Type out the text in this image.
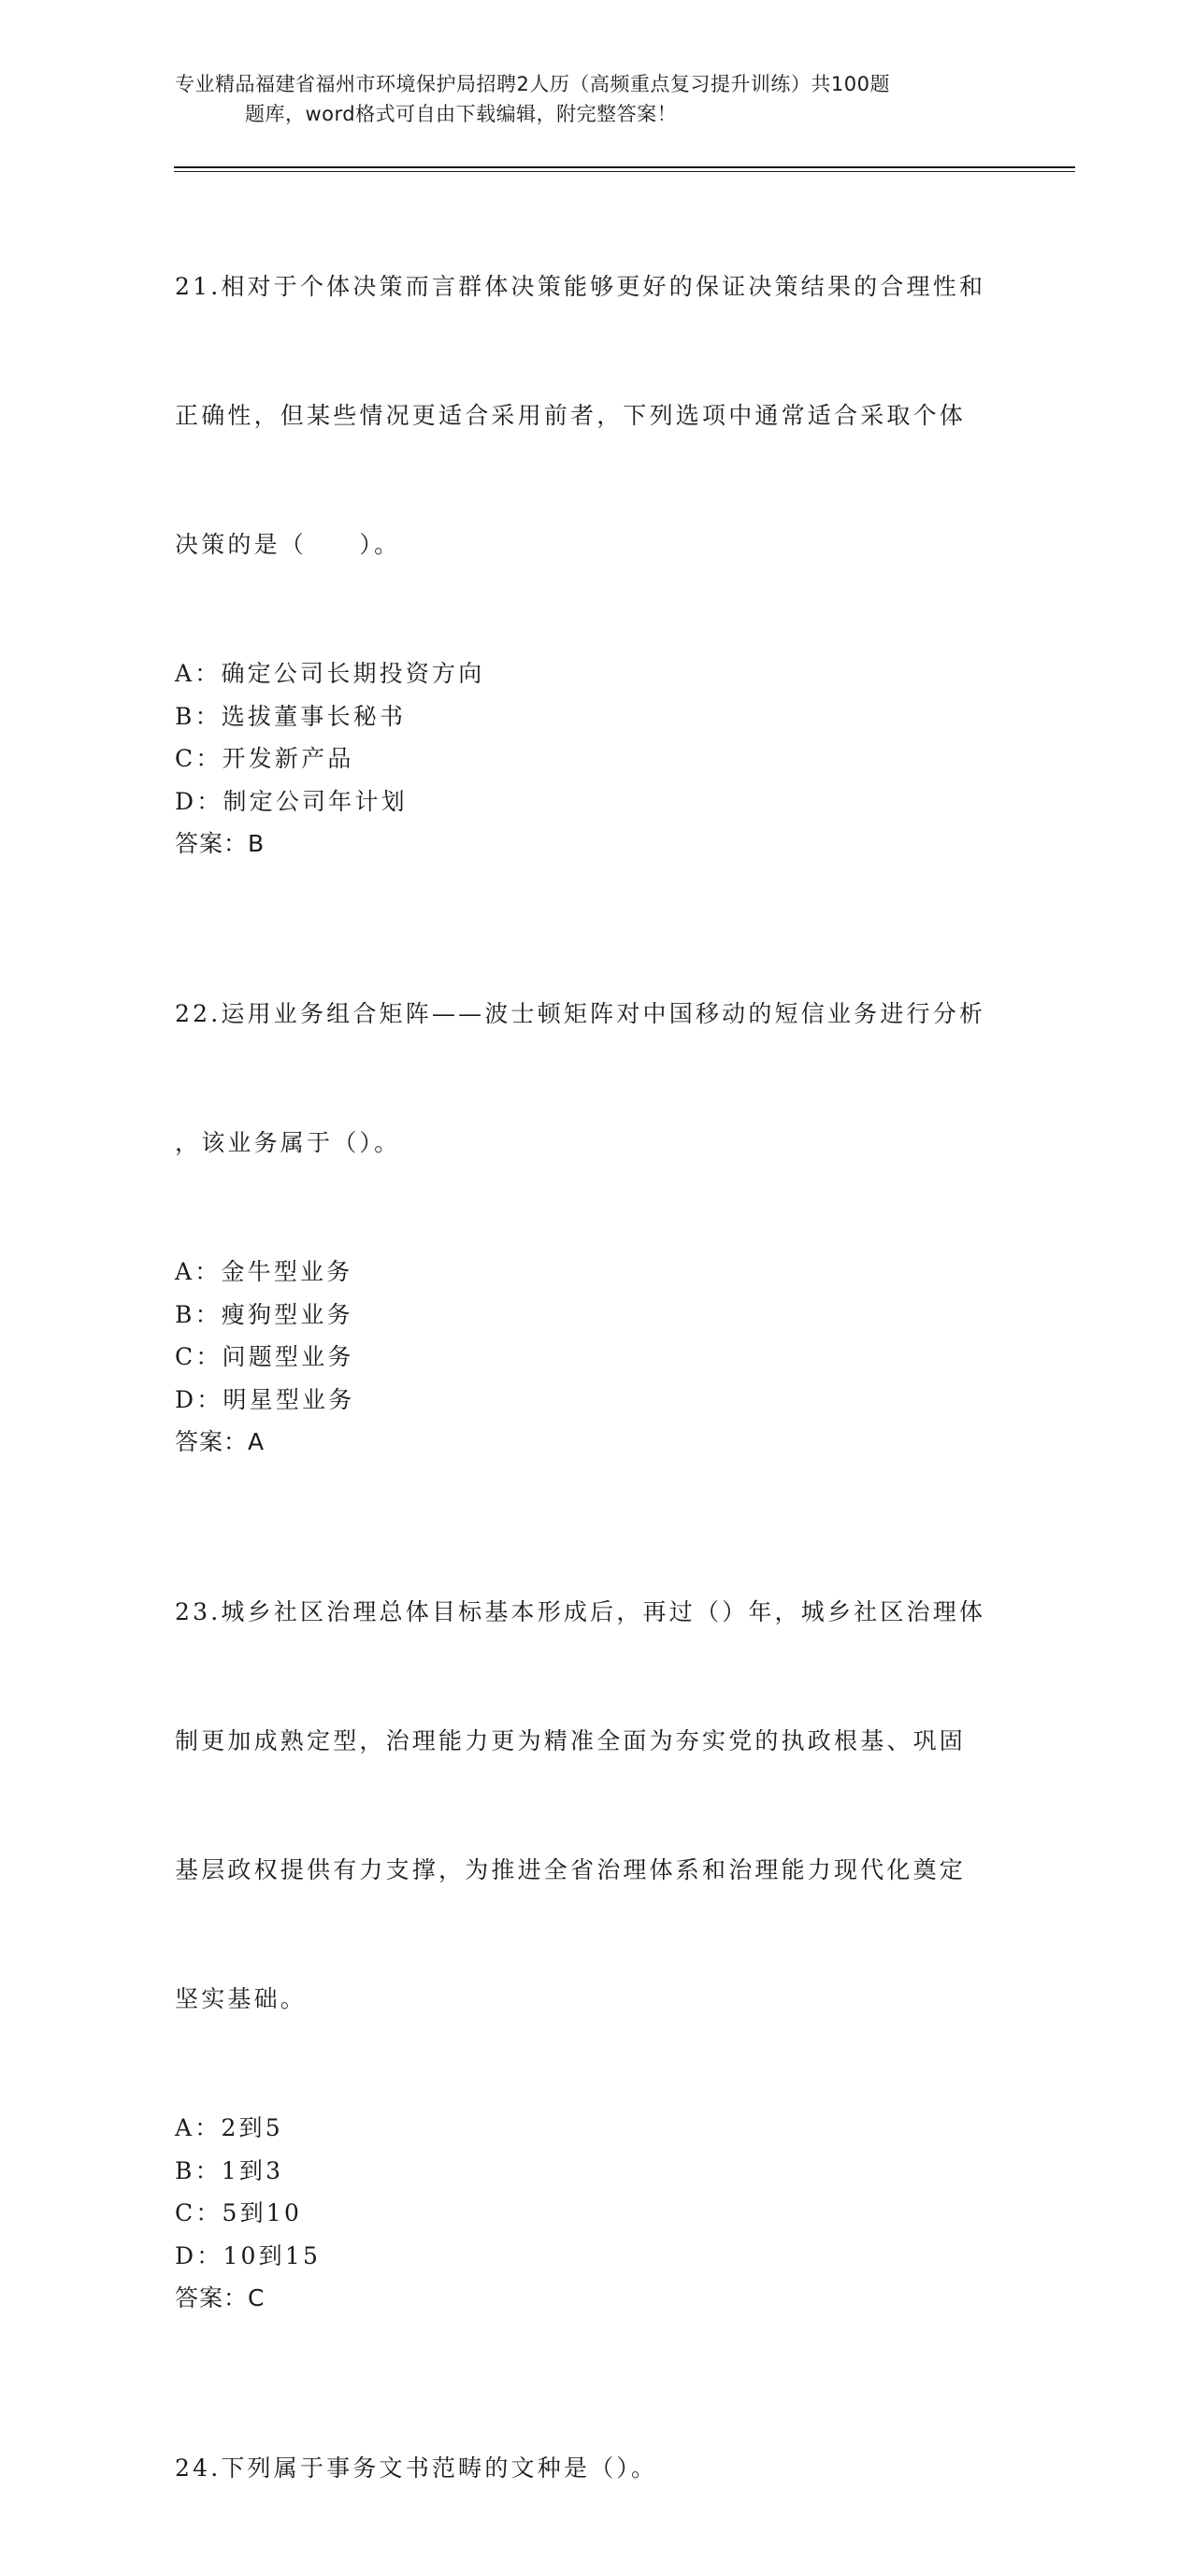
专业精品福建省福州市环境保护局招聘2人历（高频重点复习提升训练）共100题
题库，word格式可自由下载编辑，附完整答案！

21.相对于个体决策而言群体决策能够更好的保证决策结果的合理性和

正确性，但某些情况更适合采用前者，下列选项中通常适合采取个体

决策的是（　　）。

A：确定公司长期投资方向
B：选拔董事长秘书
C：开发新产品
D：制定公司年计划
答案：B

22.运用业务组合矩阵——波士顿矩阵对中国移动的短信业务进行分析

，该业务属于（）。

A：金牛型业务
B：瘦狗型业务
C：问题型业务
D：明星型业务
答案：A

23.城乡社区治理总体目标基本形成后，再过（）年，城乡社区治理体

制更加成熟定型，治理能力更为精准全面为夯实党的执政根基、巩固

基层政权提供有力支撑，为推进全省治理体系和治理能力现代化奠定

坚实基础。

A：2到5
B：1到3
C：5到10
D：10到15
答案：C

24.下列属于事务文书范畴的文种是（）。
